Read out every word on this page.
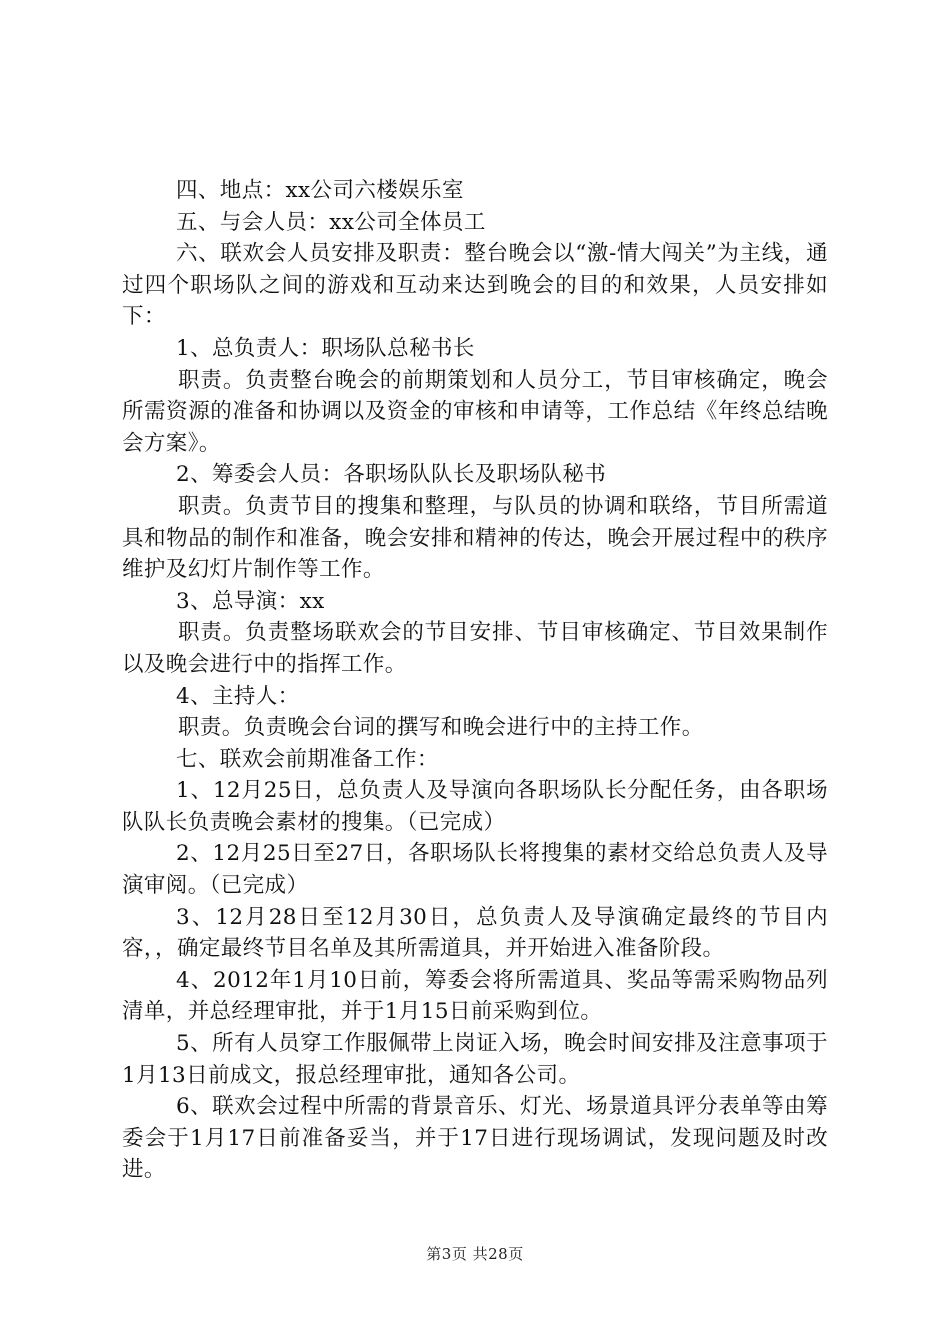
四、地点：xx公司六楼娱乐室

五、与会人员：xx公司全体员工

六、联欢会人员安排及职责：整台晚会以“激-情大闯关”为主线，通过四个职场队之间的游戏和互动来达到晚会的目的和效果，人员安排如下：

1、总负责人：职场队总秘书长

职责。负责整台晚会的前期策划和人员分工，节目审核确定，晚会所需资源的准备和协调以及资金的审核和申请等，工作总结《年终总结晚会方案》。

2、筹委会人员：各职场队队长及职场队秘书

职责。负责节目的搜集和整理，与队员的协调和联络，节目所需道具和物品的制作和准备，晚会安排和精神的传达，晚会开展过程中的秩序维护及幻灯片制作等工作。

3、总导演：xx

职责。负责整场联欢会的节目安排、节目审核确定、节目效果制作以及晚会进行中的指挥工作。

4、主持人：

职责。负责晚会台词的撰写和晚会进行中的主持工作。

七、联欢会前期准备工作：

1、12月25日，总负责人及导演向各职场队长分配任务，由各职场队队长负责晚会素材的搜集。（已完成）

2、12月25日至27日，各职场队长将搜集的素材交给总负责人及导演审阅。（已完成）

3、12月28日至12月30日，总负责人及导演确定最终的节目内容，，确定最终节目名单及其所需道具，并开始进入准备阶段。

4、2012年1月10日前，筹委会将所需道具、奖品等需采购物品列清单，并总经理审批，并于1月15日前采购到位。

5、所有人员穿工作服佩带上岗证入场，晚会时间安排及注意事项于1月13日前成文，报总经理审批，通知各公司。

6、联欢会过程中所需的背景音乐、灯光、场景道具评分表单等由筹委会于1月17日前准备妥当，并于17日进行现场调试，发现问题及时改进。

第3页 共28页
